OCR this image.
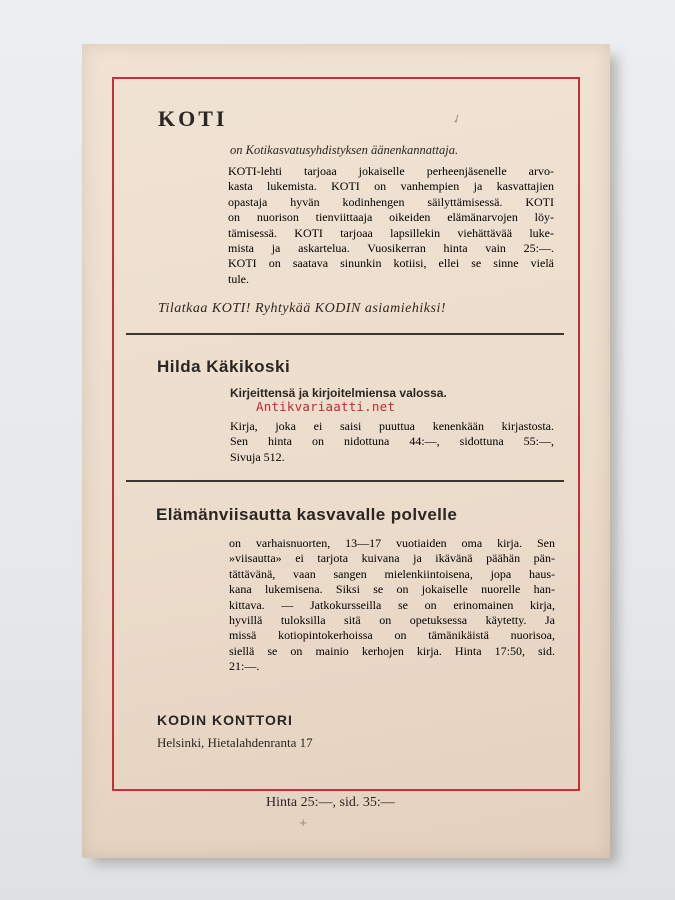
✓
KOTI
on Kotikasvatusyhdistyksen äänenkannattaja.
KOTI-lehti tarjoaa jokaiselle perheenjäsenelle arvo-
kasta lukemista. KOTI on vanhempien ja kasvattajien
opastaja hyvän kodinhengen säilyttämisessä. KOTI
on nuorison tienviittaaja oikeiden elämänarvojen löy-
tämisessä. KOTI tarjoaa lapsillekin viehättävää luke-
mista ja askartelua. Vuosikerran hinta vain 25:—.
KOTI on saatava sinunkin kotiisi, ellei se sinne vielä
tule.
Tilatkaa KOTI! Ryhtykää KODIN asiamiehiksi!
Hilda Käkikoski
Kirjeittensä ja kirjoitelmiensa valossa.
Antikvariaatti.net
Kirja, joka ei saisi puuttua kenenkään kirjastosta.
Sen hinta on nidottuna 44:—, sidottuna 55:—,
Sivuja 512.
Elämänviisautta kasvavalle polvelle
on varhaisnuorten, 13—17 vuotiaiden oma kirja. Sen
»viisautta» ei tarjota kuivana ja ikävänä päähän pän-
tättävänä, vaan sangen mielenkiintoisena, jopa haus-
kana lukemisena. Siksi se on jokaiselle nuorelle han-
kittava. — Jatkokursseilla se on erinomainen kirja,
hyvillä tuloksilla sitä on opetuksessa käytetty. Ja
missä kotiopintokerhoissa on tämänikäistä nuorisoa,
siellä se on mainio kerhojen kirja. Hinta 17:50, sid.
21:—.
KODIN KONTTORI
Helsinki, Hietalahdenranta 17
Hinta 25:—, sid. 35:—
+
